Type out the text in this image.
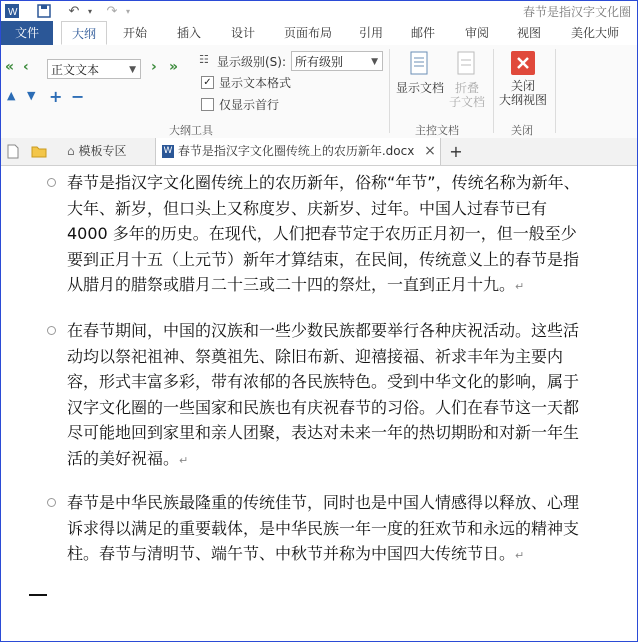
W	↶	▾ ↷	▾	春节是指汉字文化圈
文件	大纲	开始	插入	设计	页面布局	引用	邮件	审阅	视图	美化大师
« ‹	正文文本	▼ › »
▲ ▼ + −
☷ 显示级别(S): 所有级别	▼
✓ 显示文本格式
仅显示首行
大纲工具
显示文档 折叠
子文档
主控文档
关闭
大纲视图
关闭
⌂ 模板专区	W 春节是指汉字文化圈传统上的农历新年.docx × +
春节是指汉字文化圈传统上的农历新年，俗称“年节”，传统名称为新年、大年、新岁，但口头上又称度岁、庆新岁、过年。中国人过春节已有 4000 多年的历史。在现代，人们把春节定于农历正月初一，但一般至少要到正月十五（上元节）新年才算结束，在民间，传统意义上的春节是指从腊月的腊祭或腊月二十三或二十四的祭灶，一直到正月十九。↵
在春节期间，中国的汉族和一些少数民族都要举行各种庆祝活动。这些活动均以祭祀祖神、祭奠祖先、除旧布新、迎禧接福、祈求丰年为主要内容，形式丰富多彩，带有浓郁的各民族特色。受到中华文化的影响，属于汉字文化圈的一些国家和民族也有庆祝春节的习俗。人们在春节这一天都尽可能地回到家里和亲人团聚，表达对未来一年的热切期盼和对新一年生活的美好祝福。↵
春节是中华民族最隆重的传统佳节，同时也是中国人情感得以释放、心理诉求得以满足的重要载体，是中华民族一年一度的狂欢节和永远的精神支柱。春节与清明节、端午节、中秋节并称为中国四大传统节日。↵
